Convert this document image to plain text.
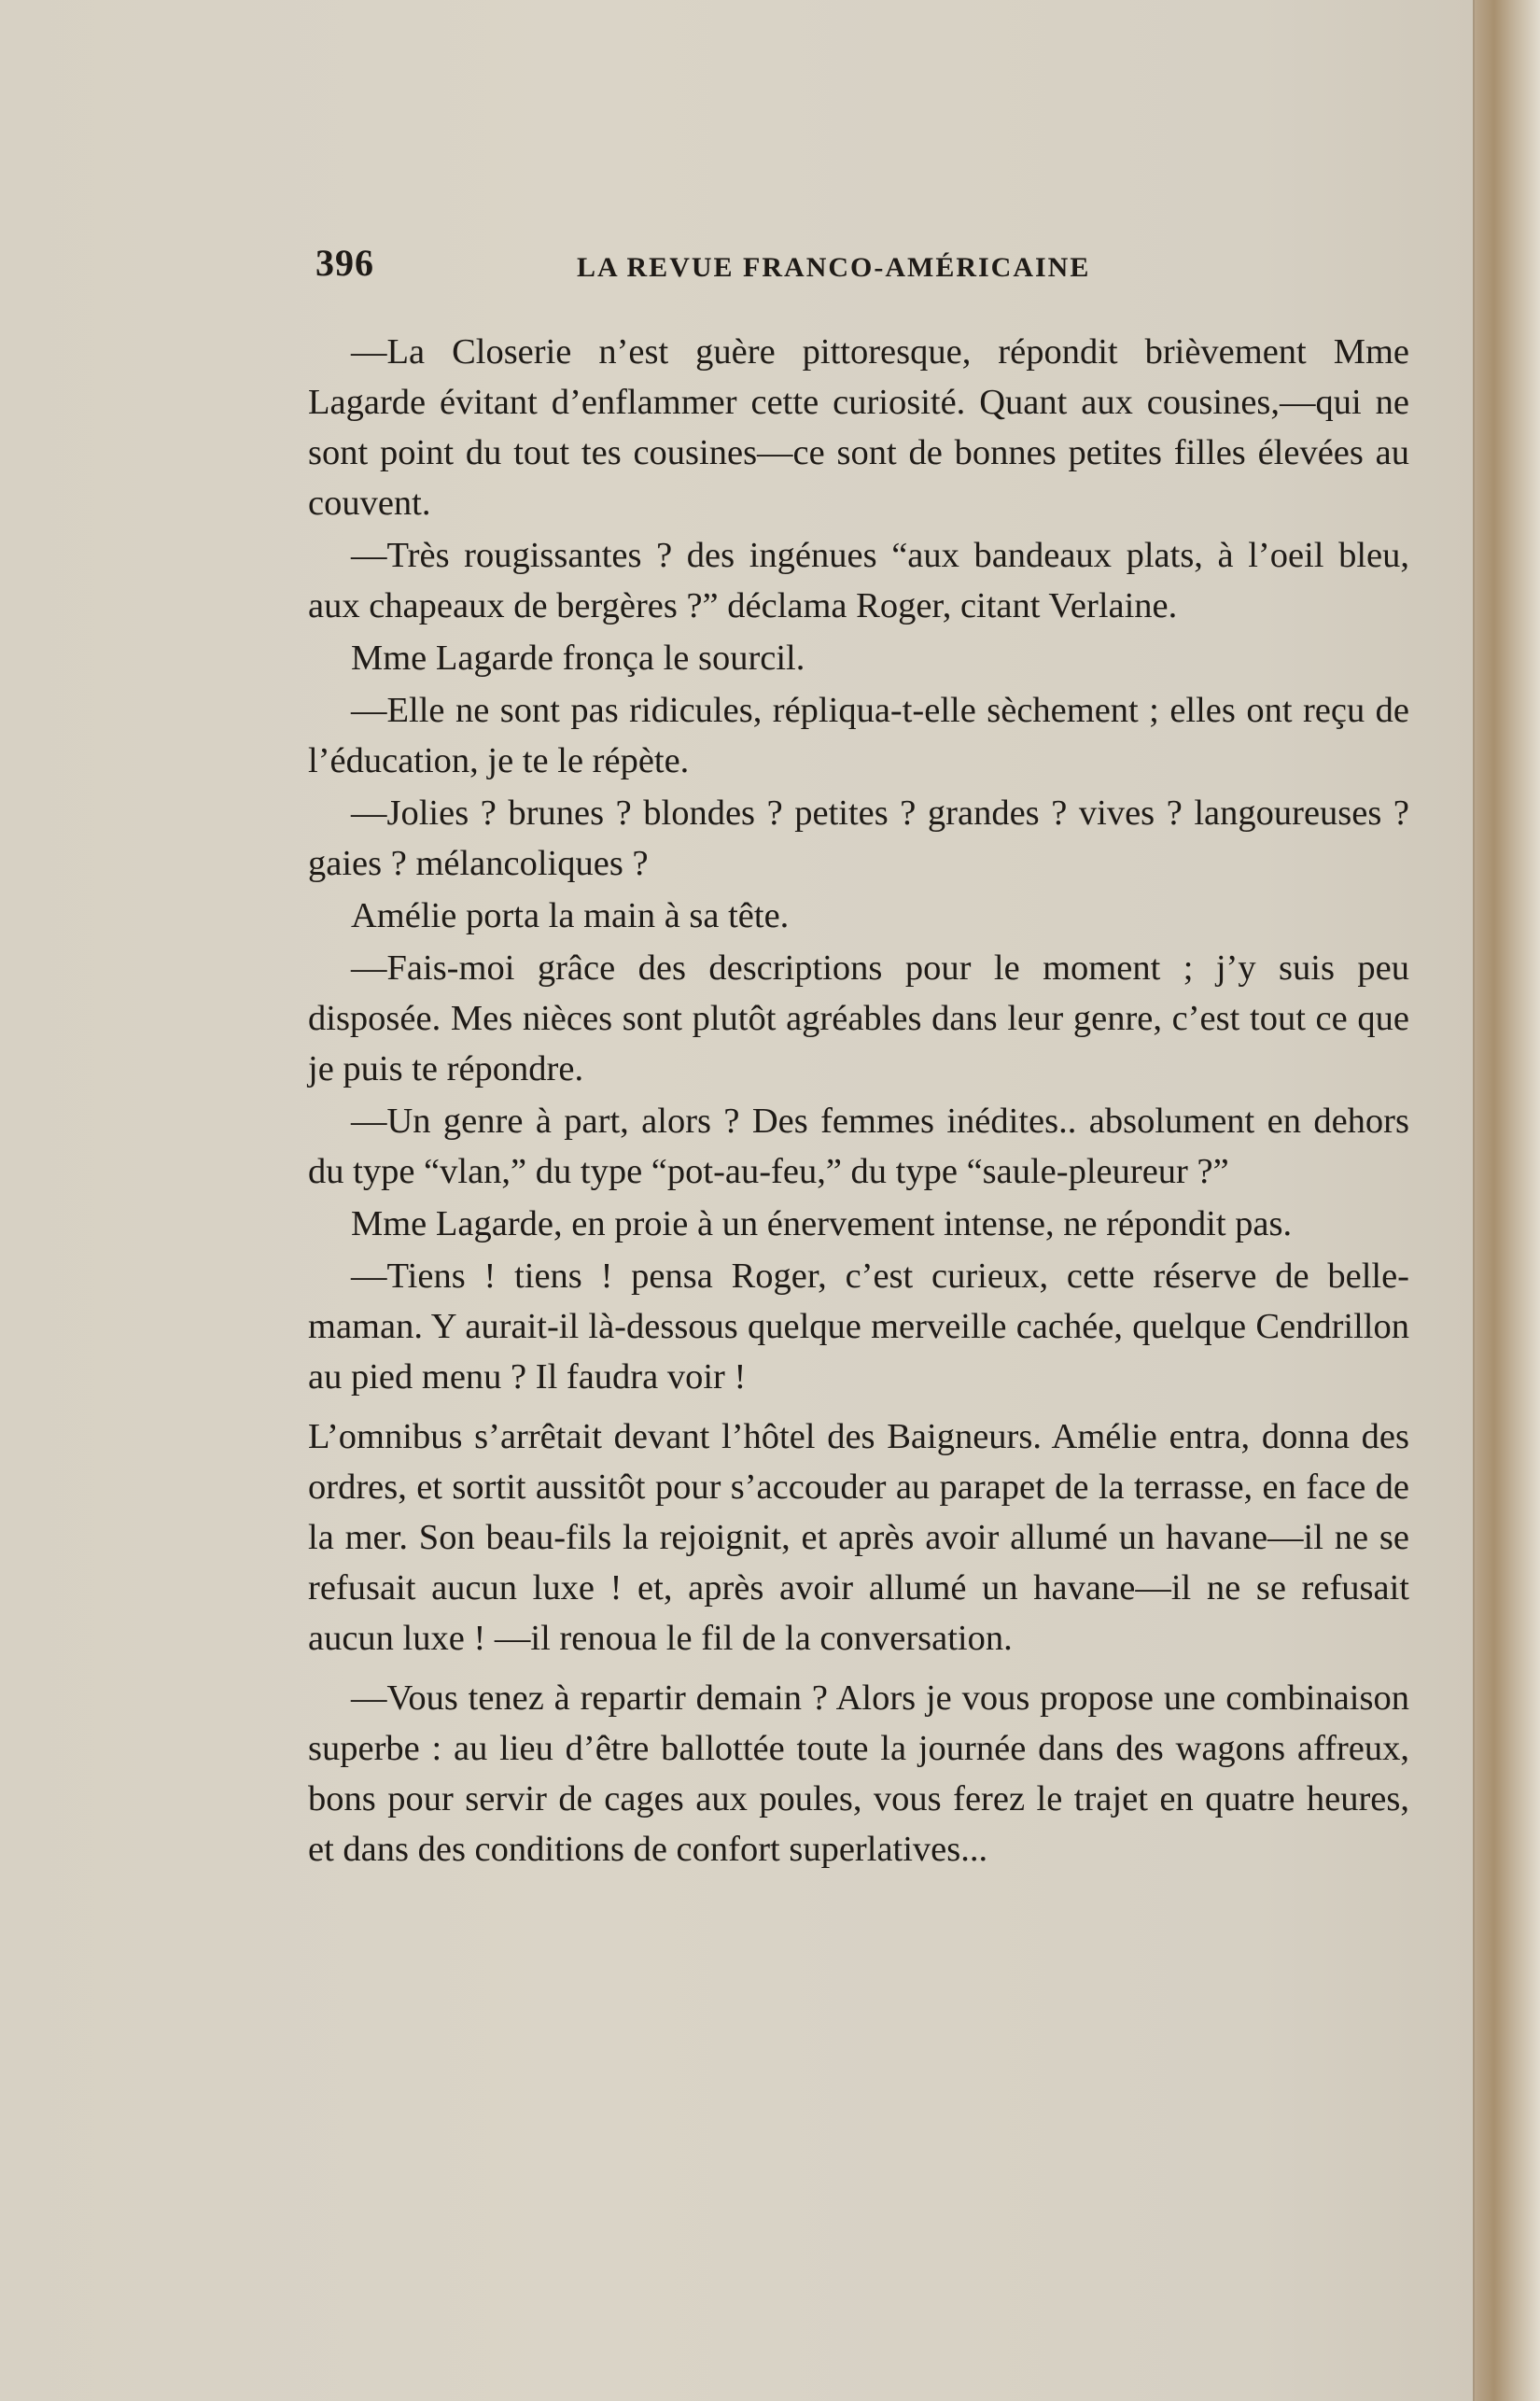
396	LA REVUE FRANCO-AMÉRICAINE

—La Closerie n’est guère pittoresque, répondit brièvement Mme Lagarde évitant d’enflammer cette curiosité. Quant aux cousines,—qui ne sont point du tout tes cousines—ce sont de bonnes petites filles élevées au couvent.

—Très rougissantes ? des ingénues “aux bandeaux plats, à l’oeil bleu, aux chapeaux de bergères ?” déclama Roger, citant Verlaine.

Mme Lagarde fronça le sourcil.

—Elle ne sont pas ridicules, répliqua-t-elle sèchement ; elles ont reçu de l’éducation, je te le répète.

—Jolies ? brunes ? blondes ? petites ? grandes ? vives ? langoureuses ? gaies ? mélancoliques ?

Amélie porta la main à sa tête.

—Fais-moi grâce des descriptions pour le moment ; j’y suis peu disposée. Mes nièces sont plutôt agréables dans leur genre, c’est tout ce que je puis te répondre.

—Un genre à part, alors ? Des femmes inédites.. absolument en dehors du type “vlan,” du type “pot-au-feu,” du type “saule-pleureur ?”

Mme Lagarde, en proie à un énervement intense, ne répondit pas.

—Tiens ! tiens ! pensa Roger, c’est curieux, cette réserve de belle-maman. Y aurait-il là-dessous quelque merveille cachée, quelque Cendrillon au pied menu ? Il faudra voir !

L’omnibus s’arrêtait devant l’hôtel des Baigneurs. Amélie entra, donna des ordres, et sortit aussitôt pour s’accouder au parapet de la terrasse, en face de la mer. Son beau-fils la rejoignit, et après avoir allumé un havane—il ne se refusait aucun luxe ! et, après avoir allumé un havane—il ne se refusait aucun luxe ! —il renoua le fil de la conversation.

—Vous tenez à repartir demain ? Alors je vous propose une combinaison superbe : au lieu d’être ballottée toute la journée dans des wagons affreux, bons pour servir de cages aux poules, vous ferez le trajet en quatre heures, et dans des conditions de confort superlatives...
